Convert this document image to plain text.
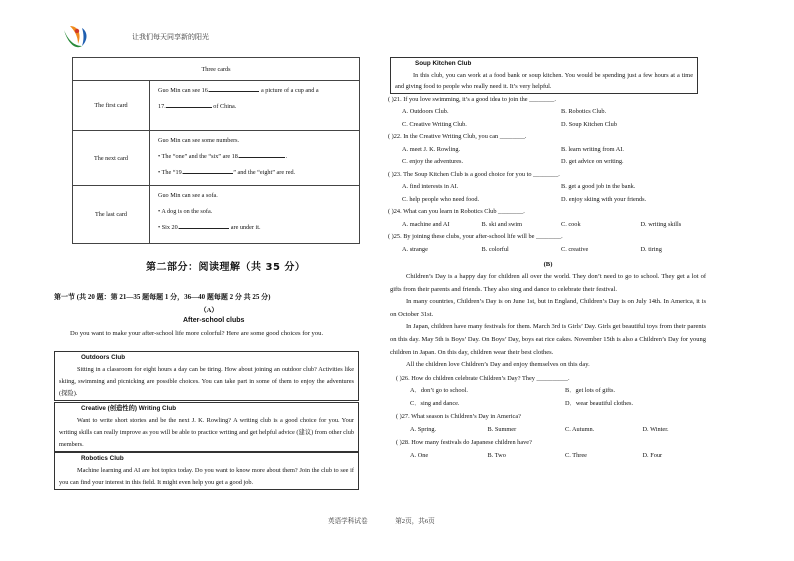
让我们每天同享新的阳光
Three cards	
The first card	Guo Min can see 16. a picture of a cup and a
17. of China.

The next card	Guo Min can see some numbers.
• The “one” and the “six” are 18. .
• The “19. ” and the “eight” are red.

The last card	Guo Min can see a sofa.
• A dog is on the sofa.
• Six 20. are under it.
第二部分：阅读理解（共 35 分）
第一节 (共 20 题：第 21—35 题每题 1 分，36—40 题每题 2 分 共 25 分)
（A）
After-school clubs
Do you want to make your after-school life more colorful? Here are some good choices for you.
Outdoors Club
Sitting in a classroom for eight hours a day can be tiring. How about joining an outdoor club? Activities like skiing, swimming and picnicking are possible choices. You can take part in some of them to enjoy the adventures (探险).
Creative (创造性的) Writing Club
Want to write short stories and be the next J. K. Rowling? A writing club is a good choice for you. Your writing skills can really improve as you will be able to practice writing and get helpful advice (建议) from other club members.
Robotics Club
Machine learning and AI are hot topics today. Do you want to know more about them? Join the club to see if you can find your interest in this field. It might even help you get a good job.
Soup Kitchen Club
In this club, you can work at a food bank or soup kitchen. You would be spending just a few hours at a time and giving food to people who really need it. It’s very helpful.
( )21. If you love swimming, it’s a good idea to join the ________.
A. Outdoors Club.	B. Robotics Club.
C. Creative Writing Club.	D. Soup Kitchen Club
( )22. In the Creative Writing Club, you can ________.
A. meet J. K. Rowling.	B. learn writing from AI.
C. enjoy the adventures.	D. get advice on writing.
( )23. The Soup Kitchen Club is a good choice for you to ________.
A. find interests in AI.	B. get a good job in the bank.
C. help people who need food.	D. enjoy skiing with your friends.
( )24. What can you learn in Robotics Club ________.
A. machine and AI	B. ski and swim	C. cook	D. writing skills
( )25. By joining these clubs, your after-school life will be ________.
A. strange	B. colorful	C. creative	D. tiring
(B)
Children’s Day is a happy day for children all over the world. They don’t need to go to school. They get a lot of gifts from their parents and friends. They also sing and dance to celebrate their festival.
In many countries, Children’s Day is on June 1st, but in England, Children’s Day is on July 14th. In America, it is on October 31st.
In Japan, children have many festivals for them. March 3rd is Girls’ Day. Girls get beautiful toys from their parents on this day. May 5th is Boys’ Day. On Boys’ Day, boys eat rice cakes. November 15th is also a Children’s Day for young children in Japan. On this day, children wear their best clothes.
All the children love Children’s Day and enjoy themselves on this day.
( )26. How do children celebrate Children’s Day? They __________.
A．don’t go to school.	B．get lots of gifts.
C．sing and dance.	D．wear beautiful clothes.
( )27. What season is Children’s Day in America?
A. Spring.	B. Summer	C. Autumn.	D. Winter.
( )28. How many festivals do Japanese children have?
A. One	B. Two	C. Three	D. Four
英语学科试卷	第2页，共6页
